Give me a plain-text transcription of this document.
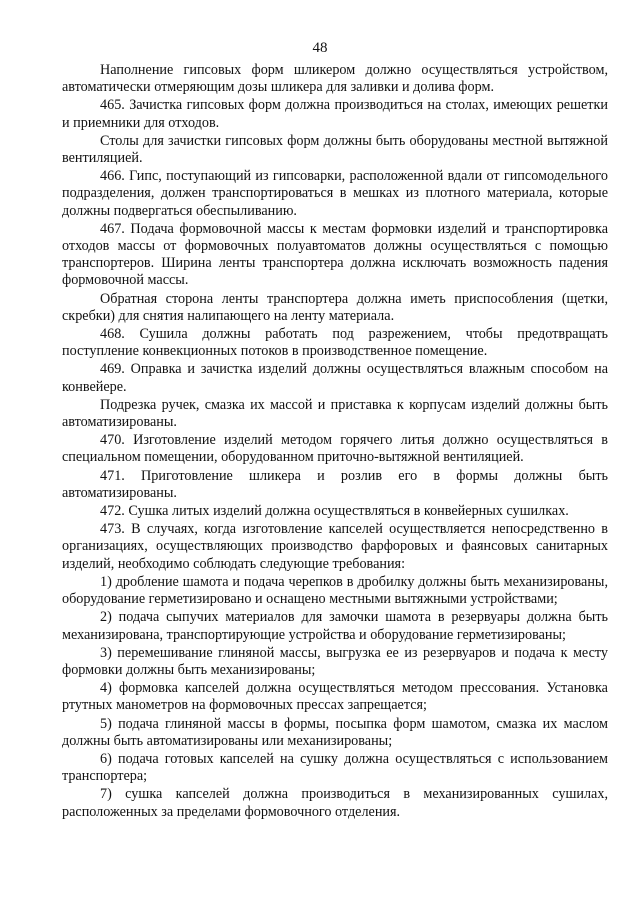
48

Наполнение гипсовых форм шликером должно осуществляться устройством, автоматически отмеряющим дозы шликера для заливки и долива форм.

465. Зачистка гипсовых форм должна производиться на столах, имеющих решетки и приемники для отходов.

Столы для зачистки гипсовых форм должны быть оборудованы местной вытяжной вентиляцией.

466. Гипс, поступающий из гипсоварки, расположенной вдали от гипсомодельного подразделения, должен транспортироваться в мешках из плотного материала, которые должны подвергаться обеспыливанию.

467. Подача формовочной массы к местам формовки изделий и транспортировка отходов массы от формовочных полуавтоматов должны осуществляться с помощью транспортеров. Ширина ленты транспортера должна исключать возможность падения формовочной массы.

Обратная сторона ленты транспортера должна иметь приспособления (щетки, скребки) для снятия налипающего на ленту материала.

468. Сушила должны работать под разрежением, чтобы предотвращать поступление конвекционных потоков в производственное помещение.

469. Оправка и зачистка изделий должны осуществляться влажным способом на конвейере.

Подрезка ручек, смазка их массой и приставка к корпусам изделий должны быть автоматизированы.

470. Изготовление изделий методом горячего литья должно осуществляться в специальном помещении, оборудованном приточно-вытяжной вентиляцией.

471. Приготовление шликера и розлив его в формы должны быть автоматизированы.

472. Сушка литых изделий должна осуществляться в конвейерных сушилках.

473. В случаях, когда изготовление капселей осуществляется непосредственно в организациях, осуществляющих производство фарфоровых и фаянсовых санитарных изделий, необходимо соблюдать следующие требования:

1) дробление шамота и подача черепков в дробилку должны быть механизированы, оборудование герметизировано и оснащено местными вытяжными устройствами;

2) подача сыпучих материалов для замочки шамота в резервуары должна быть механизирована, транспортирующие устройства и оборудование герметизированы;

3) перемешивание глиняной массы, выгрузка ее из резервуаров и подача к месту формовки должны быть механизированы;

4) формовка капселей должна осуществляться методом прессования. Установка ртутных манометров на формовочных прессах запрещается;

5) подача глиняной массы в формы, посыпка форм шамотом, смазка их маслом должны быть автоматизированы или механизированы;

6) подача готовых капселей на сушку должна осуществляться с использованием транспортера;

7) сушка капселей должна производиться в механизированных сушилах, расположенных за пределами формовочного отделения.
